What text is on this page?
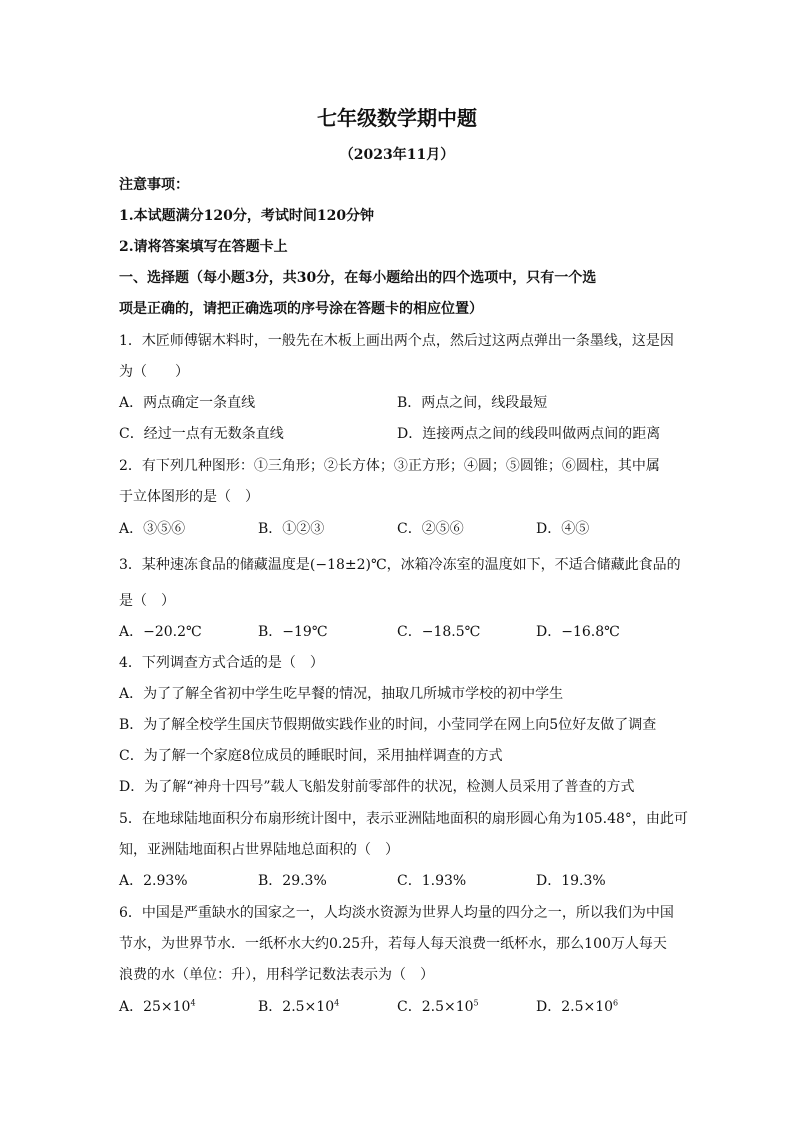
七年级数学期中题
（2023年11月）
注意事项：
1.本试题满分120分，考试时间120分钟
2.请将答案填写在答题卡上
一、选择题（每小题3分，共30分，在每小题给出的四个选项中，只有一个选
项是正确的，请把正确选项的序号涂在答题卡的相应位置）
1．木匠师傅锯木料时，一般先在木板上画出两个点，然后过这两点弹出一条墨线，这是因
为（　　）
A．两点确定一条直线	B．两点之间，线段最短
C．经过一点有无数条直线	D．连接两点之间的线段叫做两点间的距离
2．有下列几种图形：①三角形；②长方体；③正方形；④圆；⑤圆锥；⑥圆柱，其中属
于立体图形的是（　）
A．③⑤⑥	B．①②③	C．②⑤⑥	D．④⑤
3．某种速冻食品的储藏温度是(−18±2)℃，冰箱冷冻室的温度如下，不适合储藏此食品的
是（　）
A．−20.2℃	B．−19℃	C．−18.5℃	D．−16.8℃
4．下列调查方式合适的是（　）
A．为了了解全省初中学生吃早餐的情况，抽取几所城市学校的初中学生
B．为了解全校学生国庆节假期做实践作业的时间，小莹同学在网上向5位好友做了调查
C．为了解一个家庭8位成员的睡眠时间，采用抽样调查的方式
D．为了解“神舟十四号”载人飞船发射前零部件的状况，检测人员采用了普查的方式
5．在地球陆地面积分布扇形统计图中，表示亚洲陆地面积的扇形圆心角为105.48°，由此可
知，亚洲陆地面积占世界陆地总面积的（　）
A．2.93%	B．29.3%	C．1.93%	D．19.3%
6．中国是严重缺水的国家之一，人均淡水资源为世界人均量的四分之一，所以我们为中国
节水，为世界节水．一纸杯水大约0.25升，若每人每天浪费一纸杯水，那么100万人每天
浪费的水（单位：升），用科学记数法表示为（　）
A．$25\times 10^4$	B．$2.5\times 10^4$	C．$2.5\times 10^5$	D．$2.5\times 10^6$
